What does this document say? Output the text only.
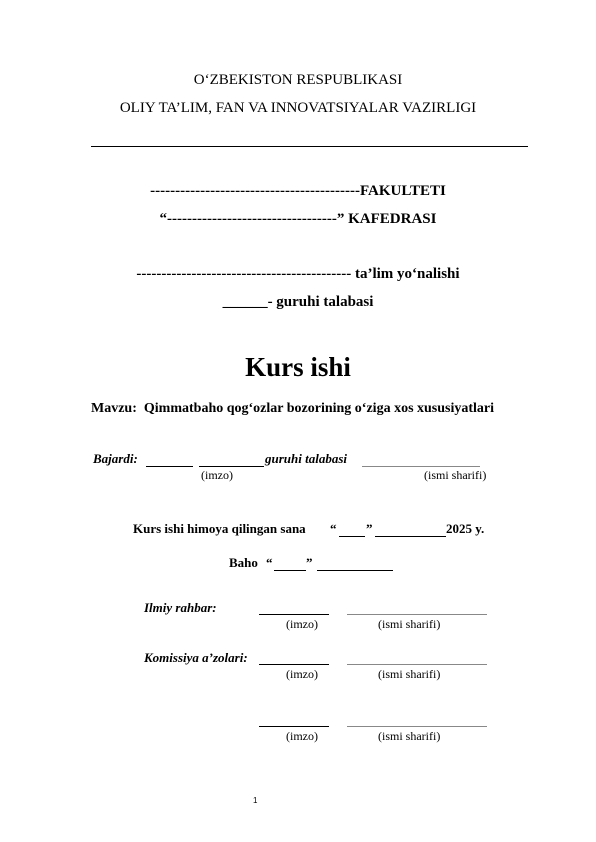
O‘ZBEKISTON RESPUBLIKASI
OLIY TA’LIM, FAN VA INNOVATSIYALAR VAZIRLIGI
------------------------------------------FAKULTETI
“----------------------------------” KAFEDRASI
------------------------------------------- ta’lim yo‘nalishi
______- guruhi talabasi
Kurs ishi
Mavzu: Qimmatbaho qog‘ozlar bozorining o‘ziga xos xususiyatlari
Bajardi:	guruhi talabasi
(imzo)	(ismi sharifi)
Kurs ishi himoya qilingan sana “ ”	2025 y.
Baho “	”
Ilmiy rahbar:
(imzo)	(ismi sharifi)
Komissiya a’zolari:
(imzo)	(ismi sharifi)
(imzo)	(ismi sharifi)
1
